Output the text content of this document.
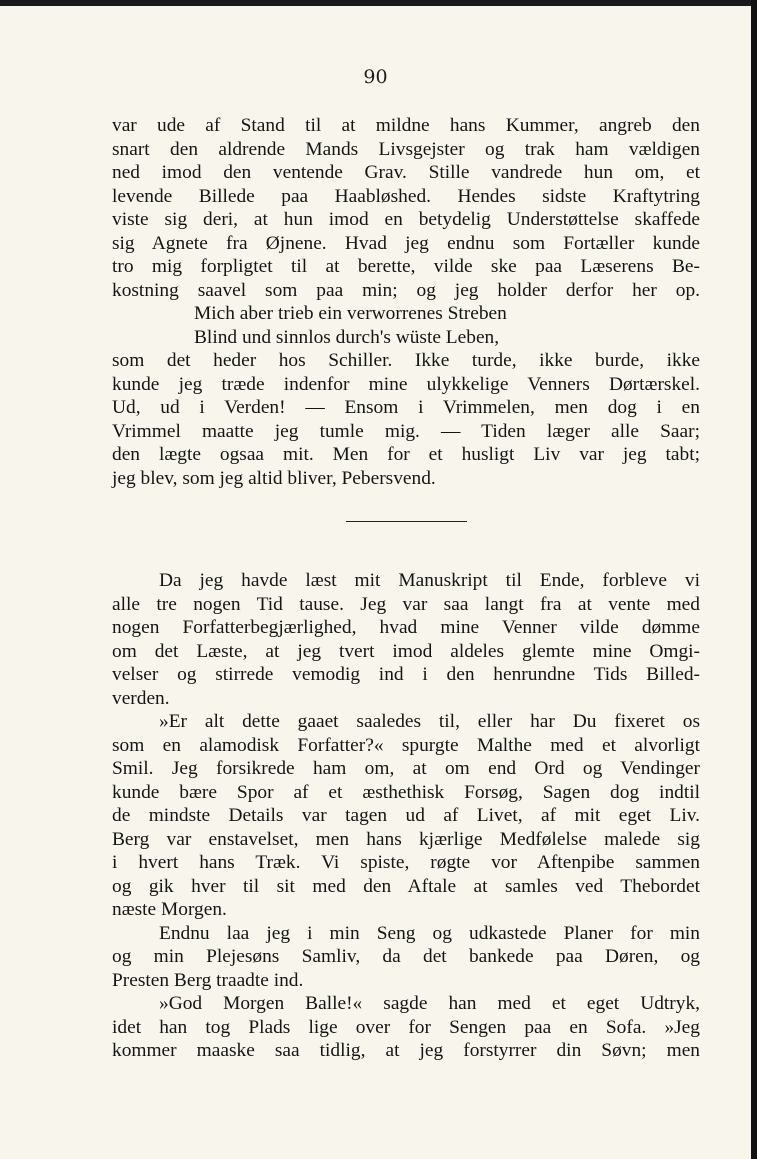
90
var ude af Stand til at mildne hans Kummer, angreb den
snart den aldrende Mands Livsgejster og trak ham vældigen
ned imod den ventende Grav. Stille vandrede hun om, et
levende Billede paa Haabløshed. Hendes sidste Kraftytring
viste sig deri, at hun imod en betydelig Understøttelse skaffede
sig Agnete fra Øjnene. Hvad jeg endnu som Fortæller kunde
tro mig forpligtet til at berette, vilde ske paa Læserens Be-
kostning saavel som paa min; og jeg holder derfor her op.
Mich aber trieb ein verworrenes Streben
Blind und sinnlos durch's wüste Leben,
som det heder hos Schiller. Ikke turde, ikke burde, ikke
kunde jeg træde indenfor mine ulykkelige Venners Dørtærskel.
Ud, ud i Verden! — Ensom i Vrimmelen, men dog i en
Vrimmel maatte jeg tumle mig. — Tiden læger alle Saar;
den lægte ogsaa mit. Men for et husligt Liv var jeg tabt;
jeg blev, som jeg altid bliver, Pebersvend.
Da jeg havde læst mit Manuskript til Ende, forbleve vi
alle tre nogen Tid tause. Jeg var saa langt fra at vente med
nogen Forfatterbegjærlighed, hvad mine Venner vilde dømme
om det Læste, at jeg tvert imod aldeles glemte mine Omgi-
velser og stirrede vemodig ind i den henrundne Tids Billed-
verden.
»Er alt dette gaaet saaledes til, eller har Du fixeret os
som en alamodisk Forfatter?« spurgte Malthe med et alvorligt
Smil. Jeg forsikrede ham om, at om end Ord og Vendinger
kunde bære Spor af et æsthethisk Forsøg, Sagen dog indtil
de mindste Details var tagen ud af Livet, af mit eget Liv.
Berg var enstavelset, men hans kjærlige Medfølelse malede sig
i hvert hans Træk. Vi spiste, røgte vor Aftenpibe sammen
og gik hver til sit med den Aftale at samles ved Thebordet
næste Morgen.
Endnu laa jeg i min Seng og udkastede Planer for min
og min Plejesøns Samliv, da det bankede paa Døren, og
Presten Berg traadte ind.
»God Morgen Balle!« sagde han med et eget Udtryk,
idet han tog Plads lige over for Sengen paa en Sofa. »Jeg
kommer maaske saa tidlig, at jeg forstyrrer din Søvn; men
